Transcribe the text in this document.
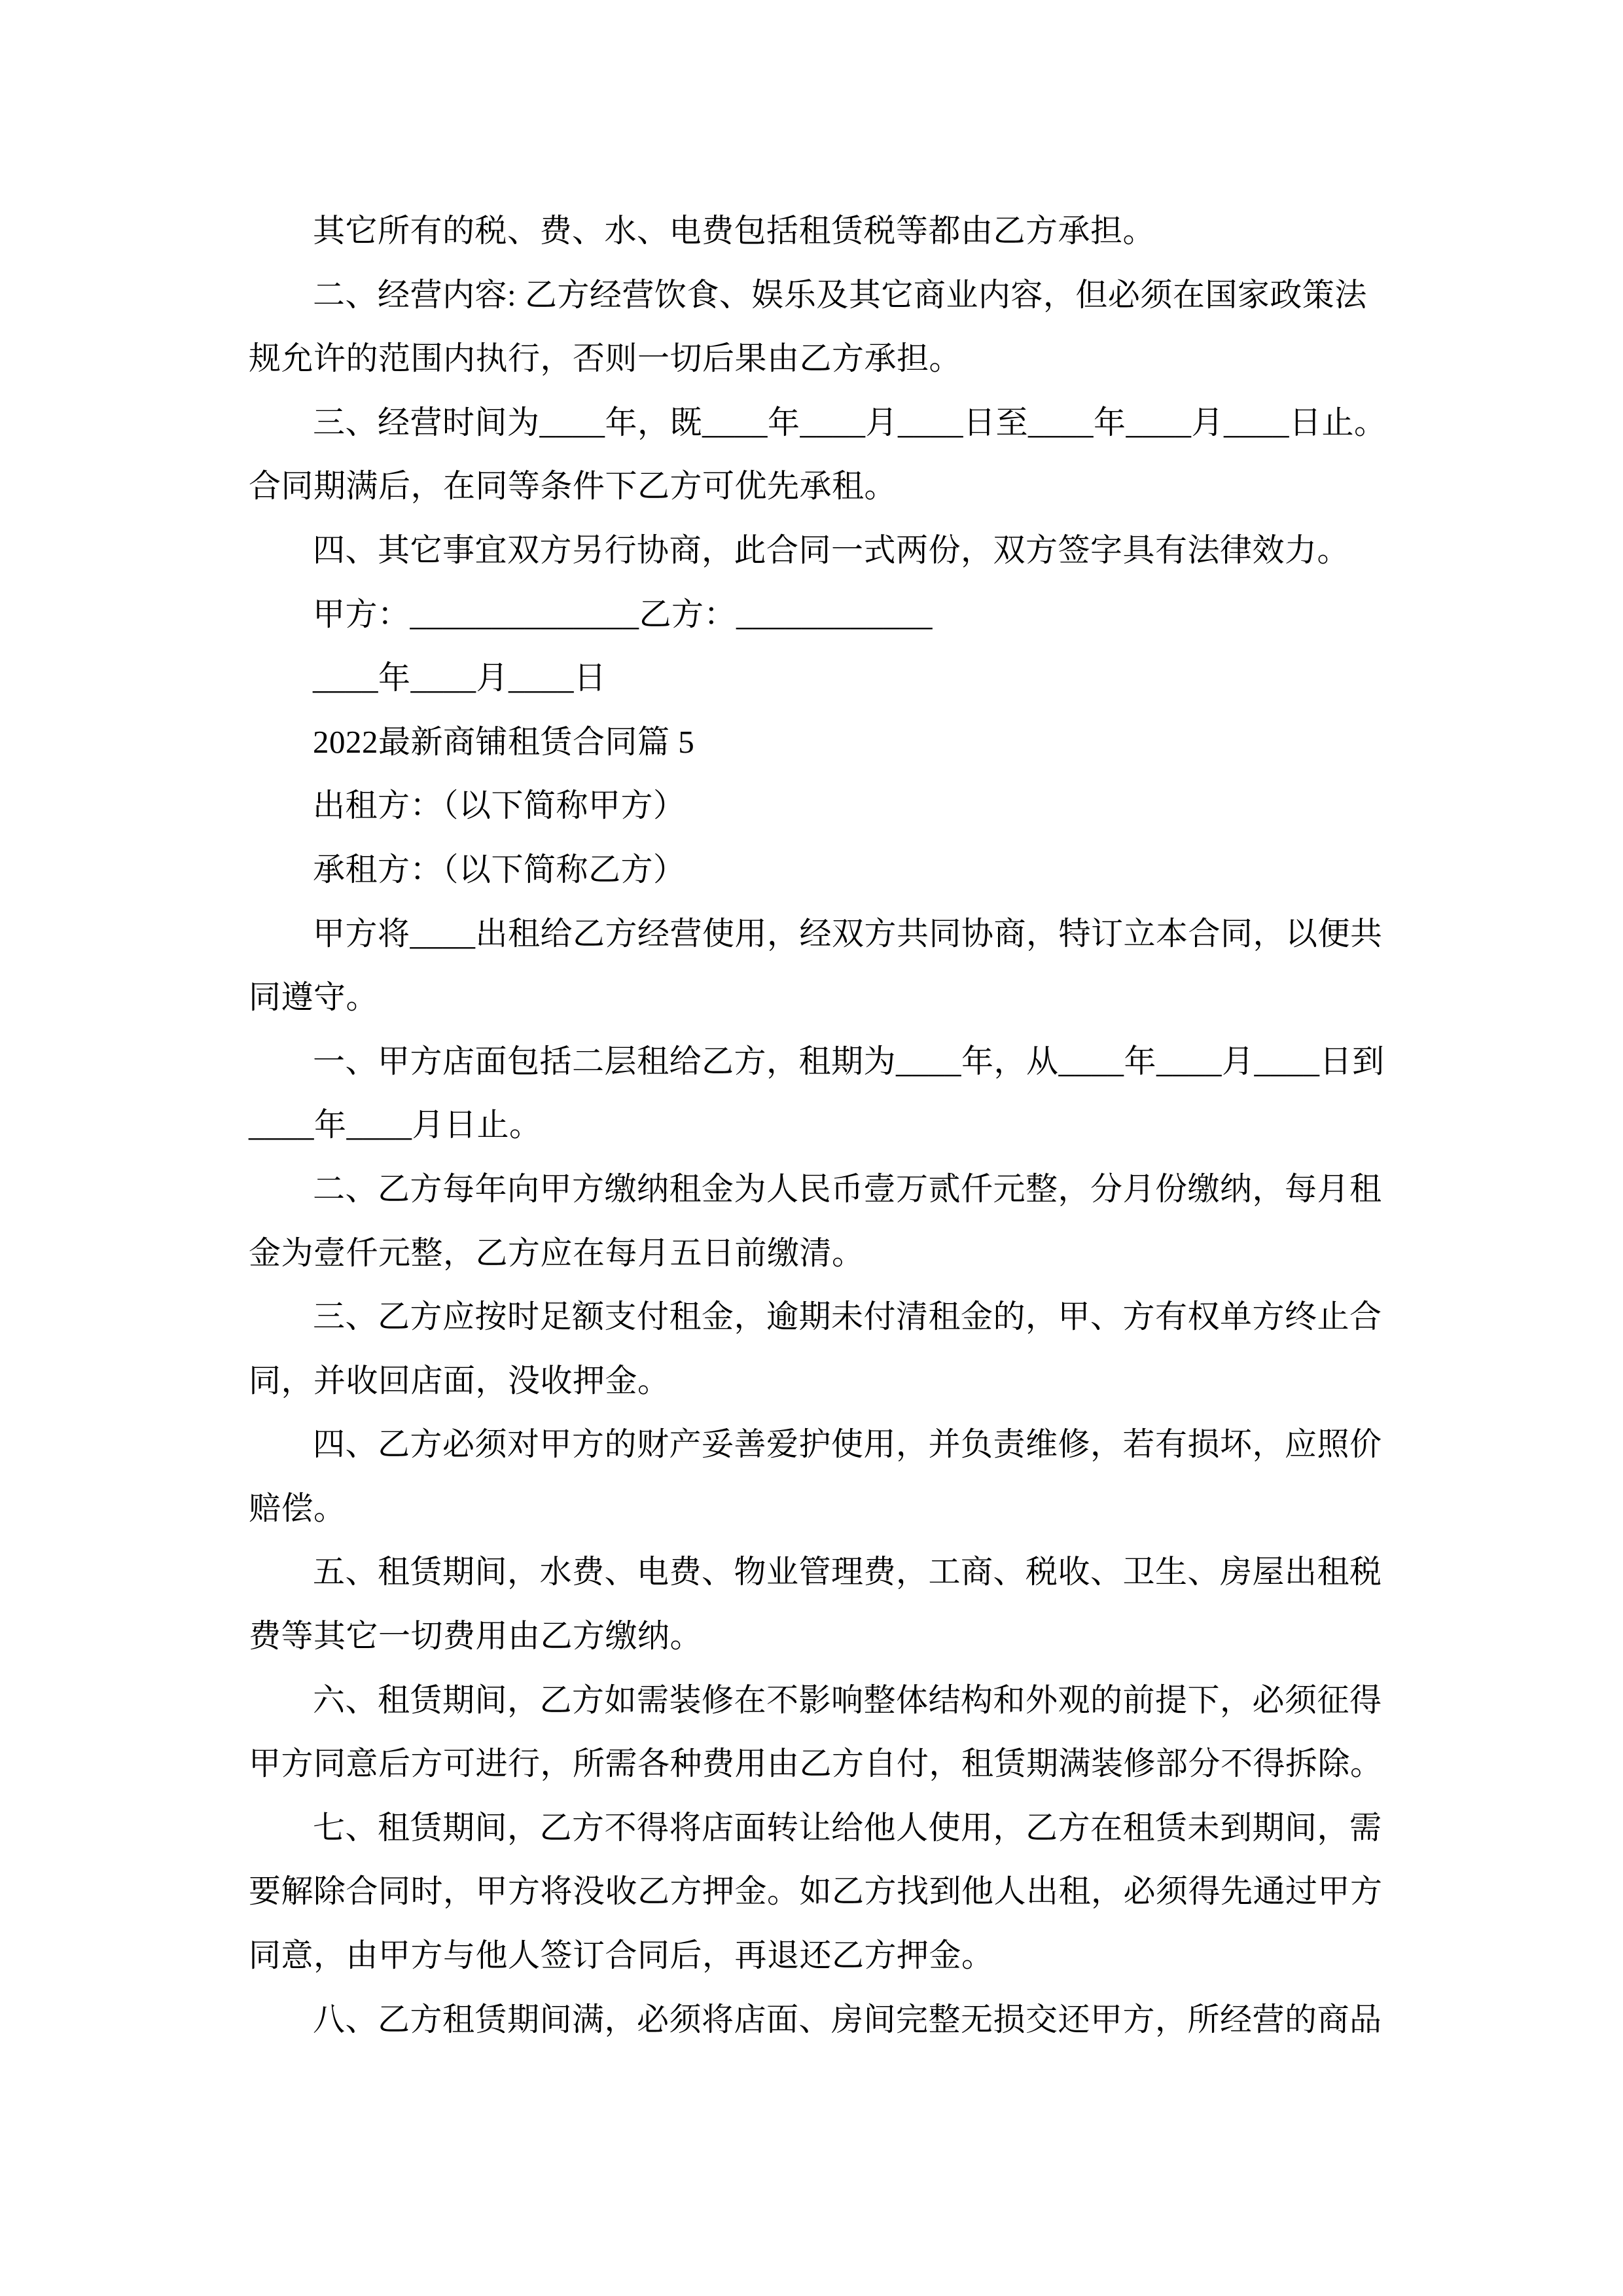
其它所有的税、费、水、电费包括租赁税等都由乙方承担。
二、经营内容: 乙方经营饮食、娱乐及其它商业内容，但必须在国家政策法
规允许的范围内执行，否则一切后果由乙方承担。
三、经营时间为____年，既____年____月____日至____年____月____日止。
合同期满后，在同等条件下乙方可优先承租。
四、其它事宜双方另行协商，此合同一式两份，双方签字具有法律效力。
甲方：______________乙方：____________
____年____月____日
2022最新商铺租赁合同篇 5
出租方：（以下简称甲方）
承租方：（以下简称乙方）
甲方将____出租给乙方经营使用，经双方共同协商，特订立本合同，以便共
同遵守。
一、甲方店面包括二层租给乙方，租期为____年，从____年____月____日到
____年____月日止。
二、乙方每年向甲方缴纳租金为人民币壹万贰仟元整，分月份缴纳，每月租
金为壹仟元整，乙方应在每月五日前缴清。
三、乙方应按时足额支付租金，逾期未付清租金的，甲、方有权单方终止合
同，并收回店面，没收押金。
四、乙方必须对甲方的财产妥善爱护使用，并负责维修，若有损坏，应照价
赔偿。
五、租赁期间，水费、电费、物业管理费，工商、税收、卫生、房屋出租税
费等其它一切费用由乙方缴纳。
六、租赁期间，乙方如需装修在不影响整体结构和外观的前提下，必须征得
甲方同意后方可进行，所需各种费用由乙方自付，租赁期满装修部分不得拆除。
七、租赁期间，乙方不得将店面转让给他人使用，乙方在租赁未到期间，需
要解除合同时，甲方将没收乙方押金。如乙方找到他人出租，必须得先通过甲方
同意，由甲方与他人签订合同后，再退还乙方押金。
八、乙方租赁期间满，必须将店面、房间完整无损交还甲方，所经营的商品
